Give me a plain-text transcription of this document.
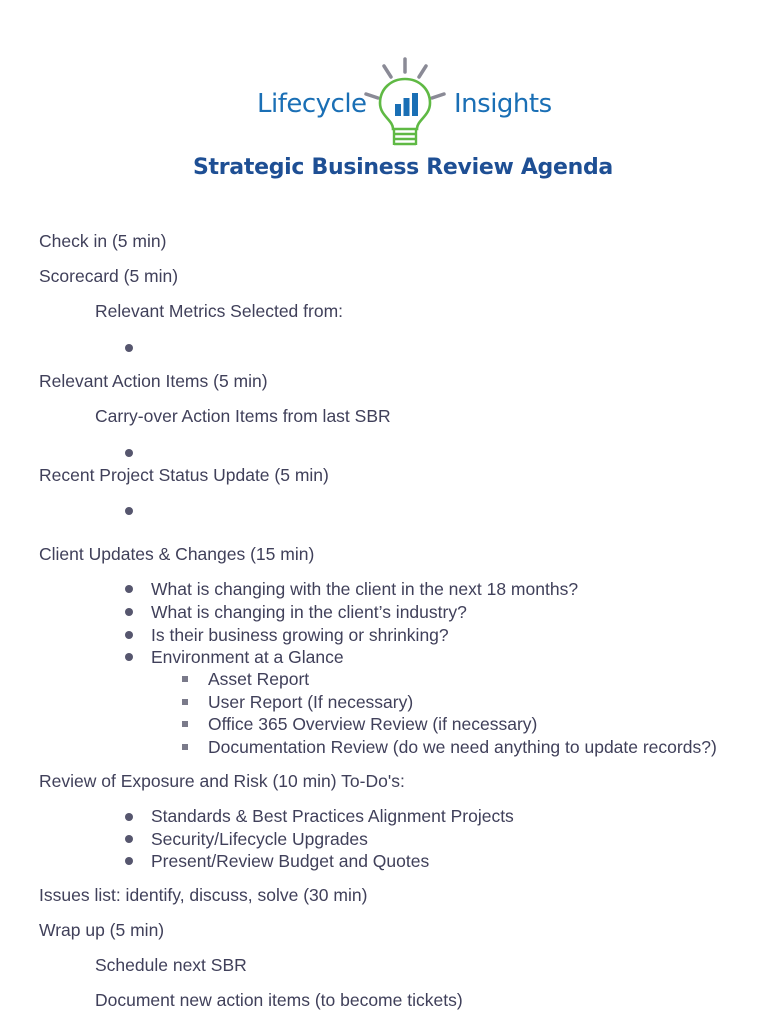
Lifecycle	Insights
Strategic Business Review Agenda
Check in (5 min)
Scorecard (5 min)
Relevant Metrics Selected from:
Relevant Action Items (5 min)
Carry-over Action Items from last SBR
Recent Project Status Update (5 min)
Client Updates & Changes (15 min)
What is changing with the client in the next 18 months?
What is changing in the client’s industry?
Is their business growing or shrinking?
Environment at a Glance
Asset Report
User Report (If necessary)
Office 365 Overview Review (if necessary)
Documentation Review (do we need anything to update records?)
Review of Exposure and Risk (10 min) To-Do's:
Standards & Best Practices Alignment Projects
Security/Lifecycle Upgrades
Present/Review Budget and Quotes
Issues list: identify, discuss, solve (30 min)
Wrap up (5 min)
Schedule next SBR
Document new action items (to become tickets)
